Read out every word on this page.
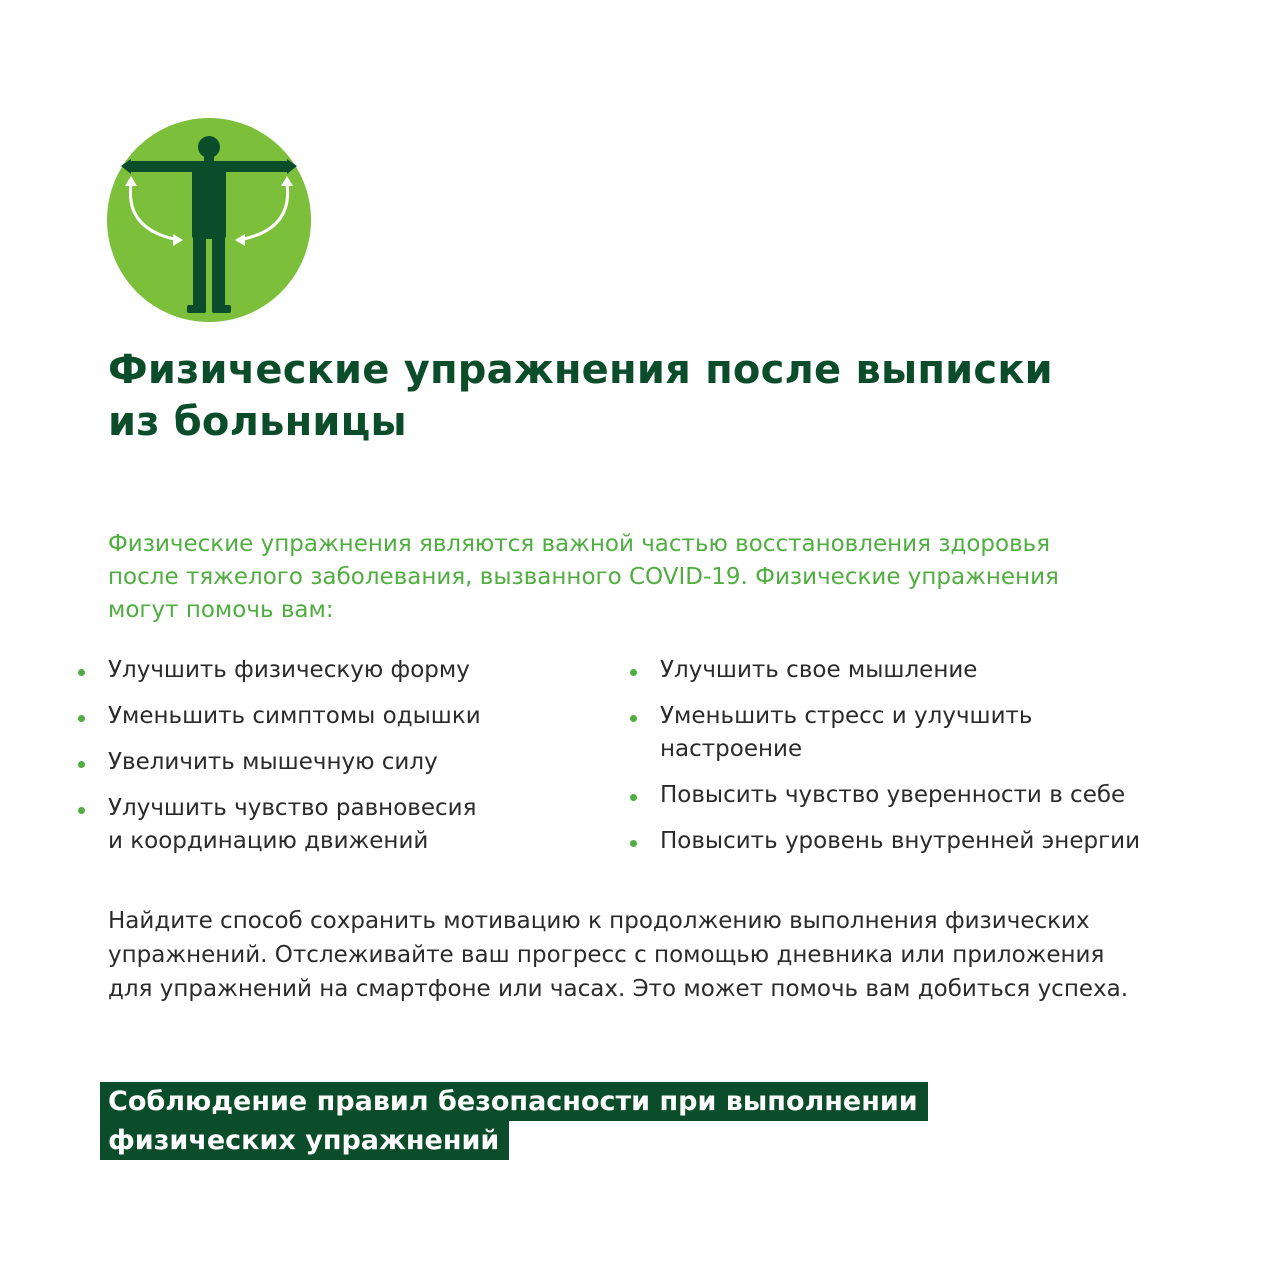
Физические упражнения после выписки
из больницы

Физические упражнения являются важной частью восстановления здоровья
после тяжелого заболевания, вызванного COVID-19. Физические упражнения
могут помочь вам:

Улучшить физическую форму
Уменьшить симптомы одышки
Увеличить мышечную силу
Улучшить чувство равновесия
и координацию движений
Улучшить свое мышление
Уменьшить стресс и улучшить
настроение
Повысить чувство уверенности в себе
Повысить уровень внутренней энергии

Найдите способ сохранить мотивацию к продолжению выполнения физических
упражнений. Отслеживайте ваш прогресс с помощью дневника или приложения
для упражнений на смартфоне или часах. Это может помочь вам добиться успеха.

Соблюдение правил безопасности при выполнении
физических упражнений
